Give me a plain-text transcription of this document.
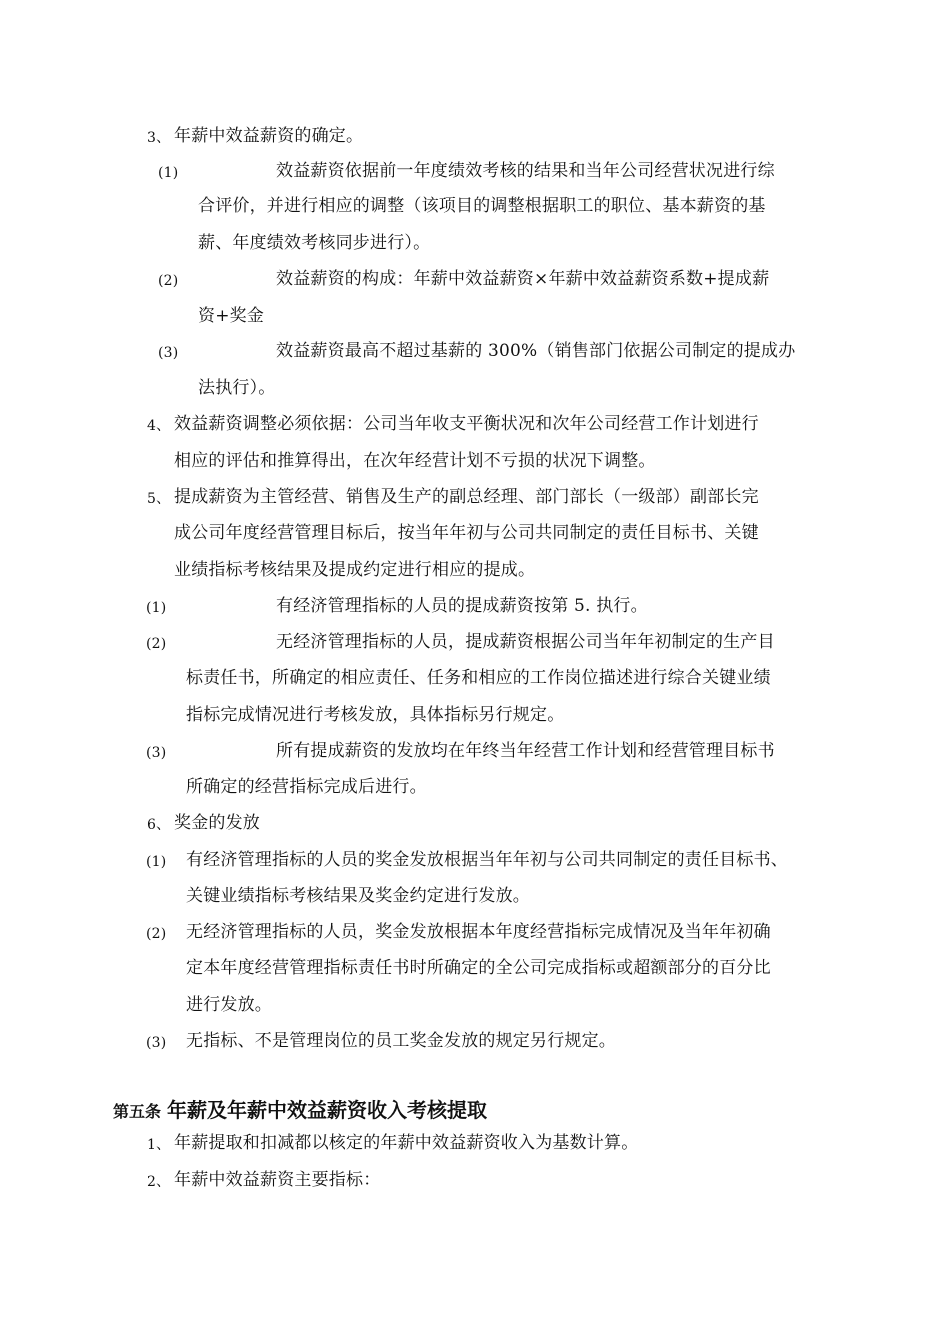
3、 年薪中效益薪资的确定。
(1)	效益薪资依据前一年度绩效考核的结果和当年公司经营状况进行综
合评价，并进行相应的调整（该项目的调整根据职工的职位、基本薪资的基
薪、年度绩效考核同步进行）。
(2)	效益薪资的构成：年薪中效益薪资×年薪中效益薪资系数+提成薪
资+奖金
(3)	效益薪资最高不超过基薪的 300%（销售部门依据公司制定的提成办
法执行）。
4、 效益薪资调整必须依据：公司当年收支平衡状况和次年公司经营工作计划进行
相应的评估和推算得出，在次年经营计划不亏损的状况下调整。
5、 提成薪资为主管经营、销售及生产的副总经理、部门部长（一级部）副部长完
成公司年度经营管理目标后，按当年年初与公司共同制定的责任目标书、关键
业绩指标考核结果及提成约定进行相应的提成。
(1)	有经济管理指标的人员的提成薪资按第 5. 执行。
(2)	无经济管理指标的人员，提成薪资根据公司当年年初制定的生产目
标责任书，所确定的相应责任、任务和相应的工作岗位描述进行综合关键业绩
指标完成情况进行考核发放，具体指标另行规定。
(3)	所有提成薪资的发放均在年终当年经营工作计划和经营管理目标书
所确定的经营指标完成后进行。
6、 奖金的发放
(1) 有经济管理指标的人员的奖金发放根据当年年初与公司共同制定的责任目标书、
关键业绩指标考核结果及奖金约定进行发放。
(2) 无经济管理指标的人员，奖金发放根据本年度经营指标完成情况及当年年初确
定本年度经营管理指标责任书时所确定的全公司完成指标或超额部分的百分比
进行发放。
(3) 无指标、不是管理岗位的员工奖金发放的规定另行规定。
第五条 年薪及年薪中效益薪资收入考核提取
1、 年薪提取和扣减都以核定的年薪中效益薪资收入为基数计算。
2、 年薪中效益薪资主要指标：
